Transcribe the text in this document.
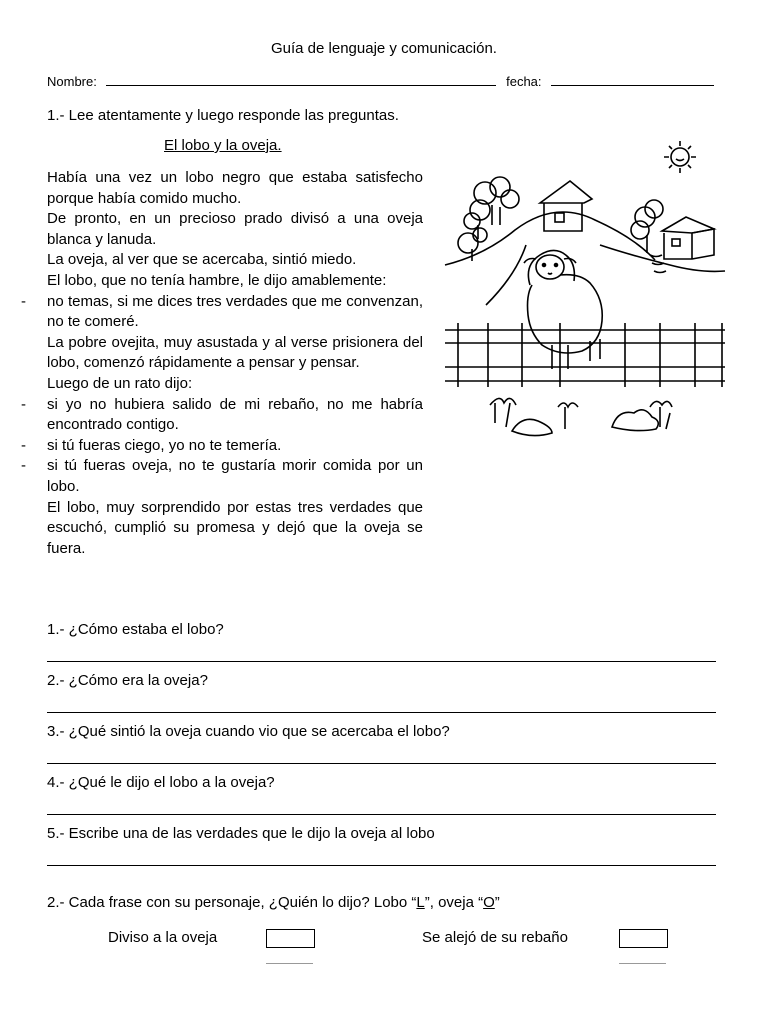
Guía de lenguaje y comunicación.
Nombre:	fecha:
1.- Lee atentamente y luego responde las preguntas.
El lobo y la oveja.
Había una vez un lobo negro que estaba satisfecho porque había comido mucho.
De pronto, en un precioso prado divisó a una oveja blanca y lanuda.
La oveja, al ver que se acercaba, sintió miedo.
El lobo, que no tenía hambre, le dijo amablemente:
- no temas, si me dices tres verdades que me convenzan, no te comeré.
La pobre ovejita, muy asustada y al verse prisionera del lobo, comenzó rápidamente a pensar y pensar.
Luego de un rato dijo:
- si yo no hubiera salido de mi rebaño, no me habría encontrado contigo.
- si tú fueras ciego, yo no te temería.
- si tú fueras oveja, no te gustaría morir comida por un lobo.
El lobo, muy sorprendido por estas tres verdades que escuchó, cumplió su promesa y dejó que la oveja se fuera.
1.- ¿Cómo estaba el lobo?
2.- ¿Cómo era la oveja?
3.- ¿Qué sintió la oveja cuando vio que se acercaba el lobo?
4.- ¿Qué le dijo el lobo a la oveja?
5.- Escribe una de las verdades que le dijo la oveja al lobo
2.- Cada frase con su personaje, ¿Quién lo dijo? Lobo “L”, oveja “O”
Diviso a la oveja	Se alejó de su rebaño
